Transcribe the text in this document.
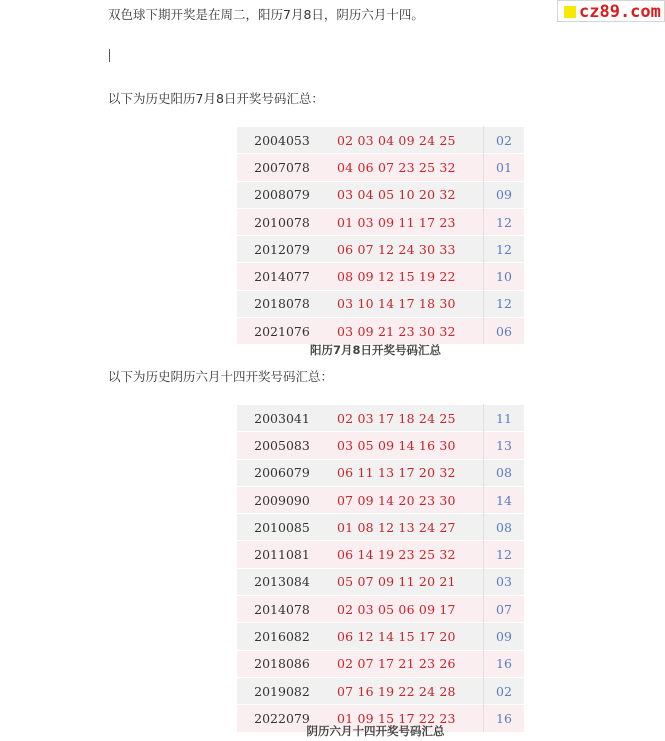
cz89.com
双色球下期开奖是在周二，阳历7月8日，阴历六月十四。
以下为历史阳历7月8日开奖号码汇总：
2004053	02 03 04 09 24 25	02
2007078	04 06 07 23 25 32	01
2008079	03 04 05 10 20 32	09
2010078	01 03 09 11 17 23	12
2012079	06 07 12 24 30 33	12
2014077	08 09 12 15 19 22	10
2018078	03 10 14 17 18 30	12
2021076	03 09 21 23 30 32	06
阳历7月8日开奖号码汇总
以下为历史阴历六月十四开奖号码汇总：
2003041	02 03 17 18 24 25	11
2005083	03 05 09 14 16 30	13
2006079	06 11 13 17 20 32	08
2009090	07 09 14 20 23 30	14
2010085	01 08 12 13 24 27	08
2011081	06 14 19 23 25 32	12
2013084	05 07 09 11 20 21	03
2014078	02 03 05 06 09 17	07
2016082	06 12 14 15 17 20	09
2018086	02 07 17 21 23 26	16
2019082	07 16 19 22 24 28	02
2022079	01 09 15 17 22 23	16
阴历六月十四开奖号码汇总
